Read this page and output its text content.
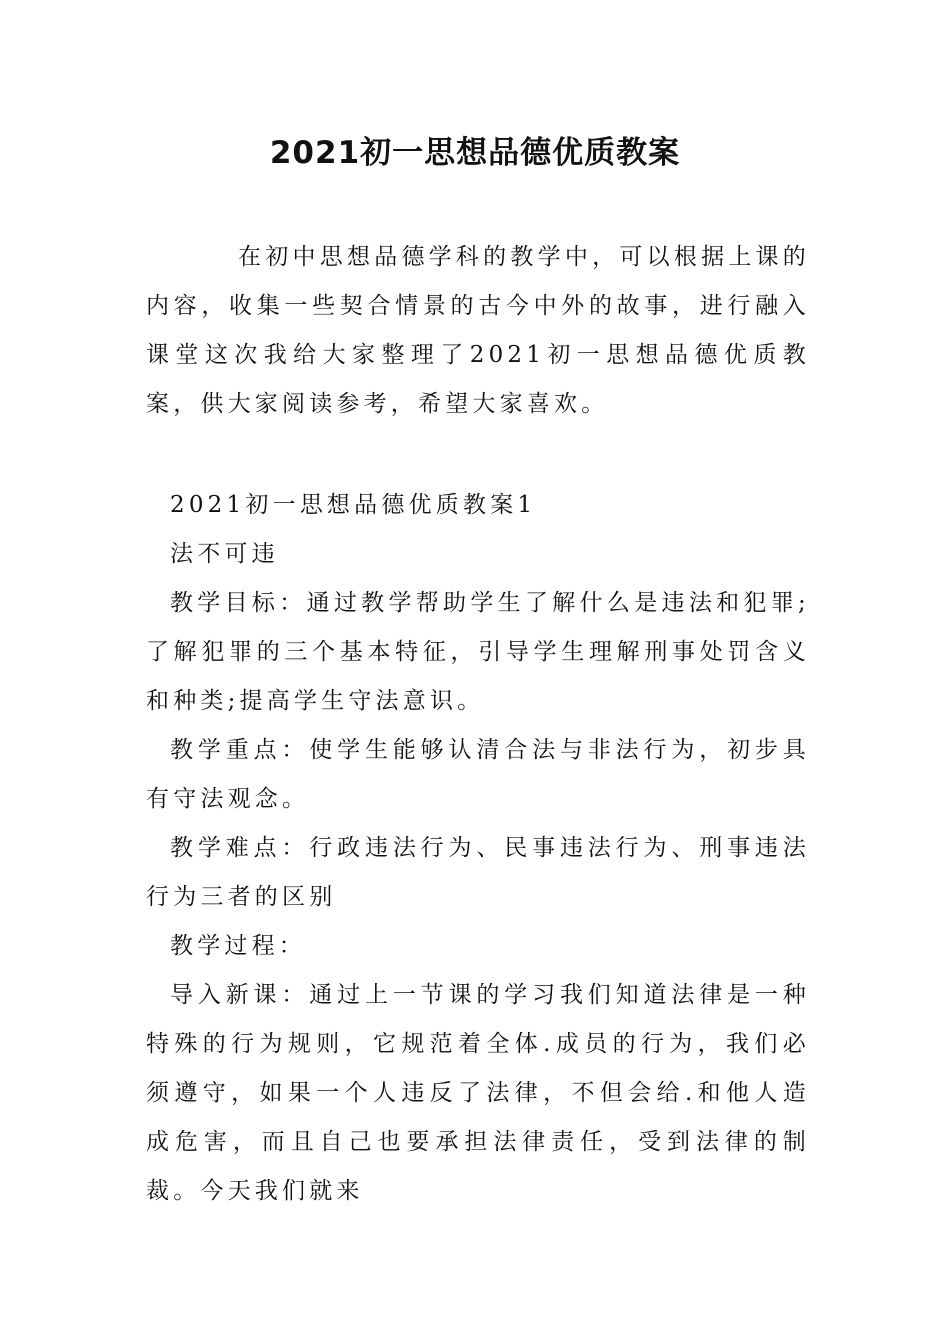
2021初一思想品德优质教案

在初中思想品德学科的教学中，可以根据上课的内容，收集一些契合情景的古今中外的故事，进行融入课堂这次我给大家整理了2021初一思想品德优质教案，供大家阅读参考，希望大家喜欢。

2021初一思想品德优质教案1

法不可违

教学目标：通过教学帮助学生了解什么是违法和犯罪;了解犯罪的三个基本特征，引导学生理解刑事处罚含义和种类;提高学生守法意识。

教学重点：使学生能够认清合法与非法行为，初步具有守法观念。

教学难点：行政违法行为、民事违法行为、刑事违法行为三者的区别

教学过程：

导入新课：通过上一节课的学习我们知道法律是一种特殊的行为规则，它规范着全体.成员的行为，我们必须遵守，如果一个人违反了法律，不但会给.和他人造成危害，而且自己也要承担法律责任，受到法律的制裁。今天我们就来
